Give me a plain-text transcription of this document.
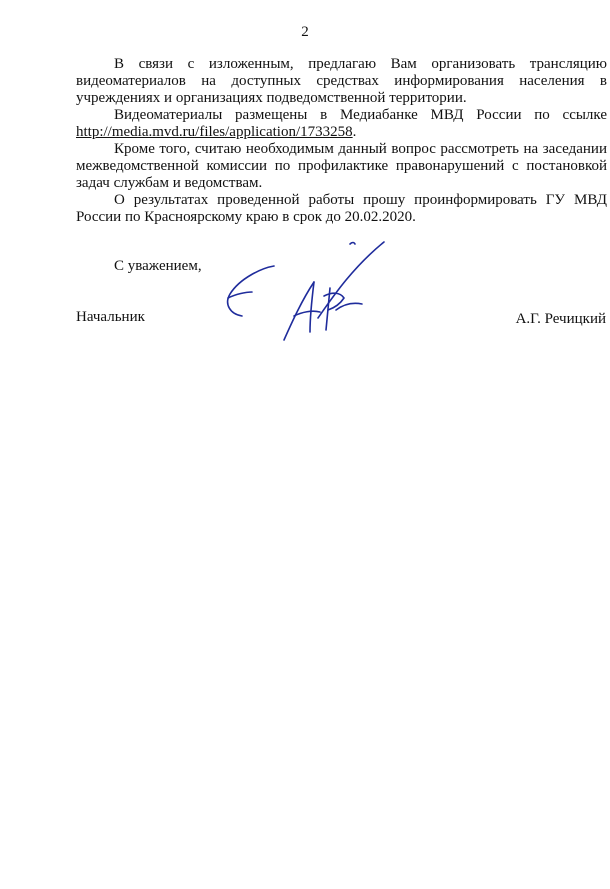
2

В связи с изложенным, предлагаю Вам организовать трансляцию видеоматериалов на доступных средствах информирования населения в учреждениях и организациях подведомственной территории.

Видеоматериалы размещены в Медиабанке МВД России по ссылке http://media.mvd.ru/files/application/1733258.

Кроме того, считаю необходимым данный вопрос рассмотреть на заседании межведомственной комиссии по профилактике правонарушений с постановкой задач службам и ведомствам.

О результатах проведенной работы прошу проинформировать ГУ МВД России по Красноярскому краю в срок до 20.02.2020.

С уважением,
Начальник	А.Г. Речицкий
